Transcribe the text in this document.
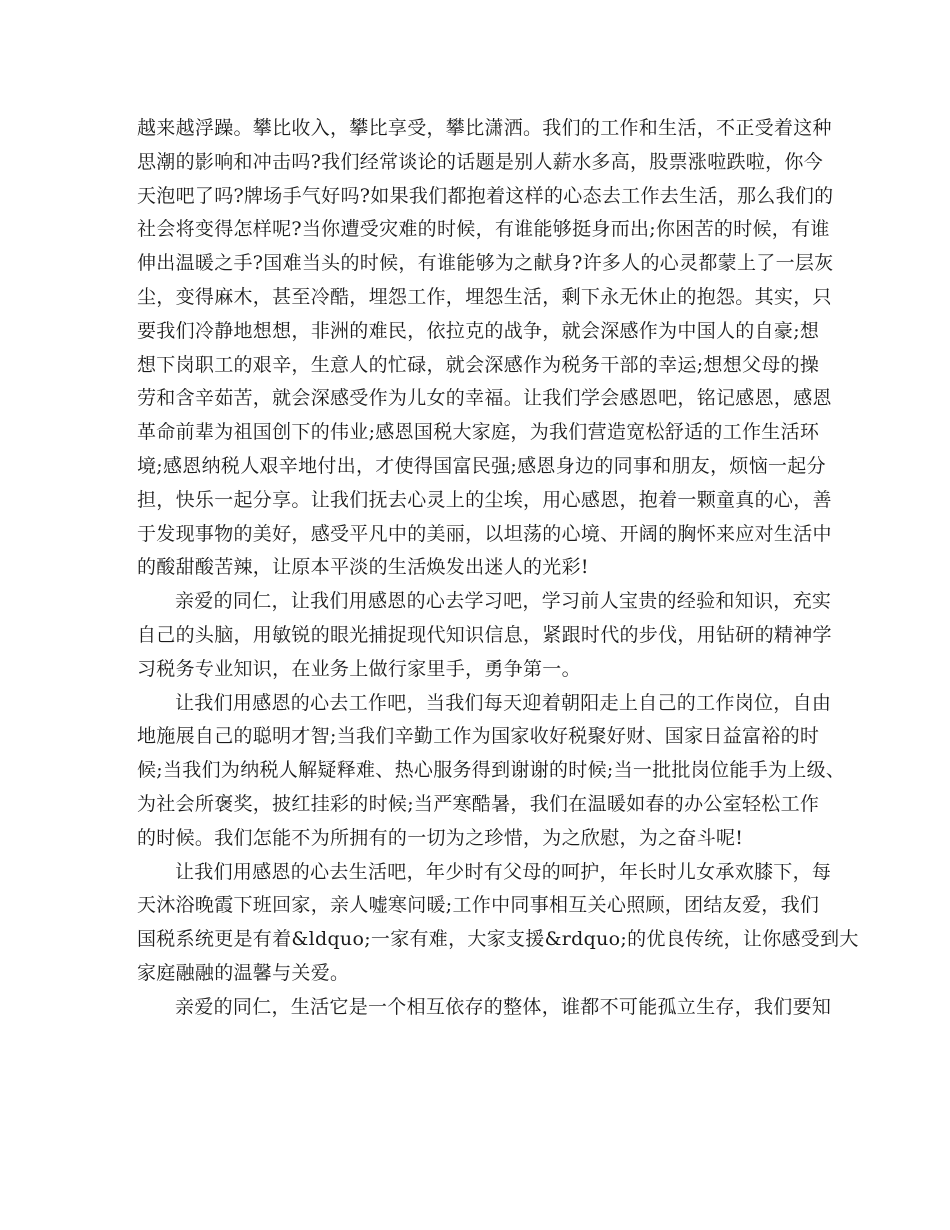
越来越浮躁。攀比收入，攀比享受，攀比潇洒。我们的工作和生活，不正受着这种
思潮的影响和冲击吗?我们经常谈论的话题是别人薪水多高，股票涨啦跌啦，你今
天泡吧了吗?牌场手气好吗?如果我们都抱着这样的心态去工作去生活，那么我们的
社会将变得怎样呢?当你遭受灾难的时候，有谁能够挺身而出;你困苦的时候，有谁
伸出温暖之手?国难当头的时候，有谁能够为之献身?许多人的心灵都蒙上了一层灰
尘，变得麻木，甚至冷酷，埋怨工作，埋怨生活，剩下永无休止的抱怨。其实，只
要我们冷静地想想，非洲的难民，依拉克的战争，就会深感作为中国人的自豪;想
想下岗职工的艰辛，生意人的忙碌，就会深感作为税务干部的幸运;想想父母的操
劳和含辛茹苦，就会深感受作为儿女的幸福。让我们学会感恩吧，铭记感恩，感恩
革命前辈为祖国创下的伟业;感恩国税大家庭，为我们营造宽松舒适的工作生活环
境;感恩纳税人艰辛地付出，才使得国富民强;感恩身边的同事和朋友，烦恼一起分
担，快乐一起分享。让我们抚去心灵上的尘埃，用心感恩，抱着一颗童真的心，善
于发现事物的美好，感受平凡中的美丽，以坦荡的心境、开阔的胸怀来应对生活中
的酸甜酸苦辣，让原本平淡的生活焕发出迷人的光彩!
亲爱的同仁，让我们用感恩的心去学习吧，学习前人宝贵的经验和知识，充实
自己的头脑，用敏锐的眼光捕捉现代知识信息，紧跟时代的步伐，用钻研的精神学
习税务专业知识，在业务上做行家里手，勇争第一。
让我们用感恩的心去工作吧，当我们每天迎着朝阳走上自己的工作岗位，自由
地施展自己的聪明才智;当我们辛勤工作为国家收好税聚好财、国家日益富裕的时
候;当我们为纳税人解疑释难、热心服务得到谢谢的时候;当一批批岗位能手为上级、
为社会所褒奖，披红挂彩的时候;当严寒酷暑，我们在温暖如春的办公室轻松工作
的时候。我们怎能不为所拥有的一切为之珍惜，为之欣慰，为之奋斗呢!
让我们用感恩的心去生活吧，年少时有父母的呵护，年长时儿女承欢膝下，每
天沐浴晚霞下班回家，亲人嘘寒问暖;工作中同事相互关心照顾，团结友爱，我们
国税系统更是有着&ldquo;一家有难，大家支援&rdquo;的优良传统，让你感受到大
家庭融融的温馨与关爱。
亲爱的同仁，生活它是一个相互依存的整体，谁都不可能孤立生存，我们要知
